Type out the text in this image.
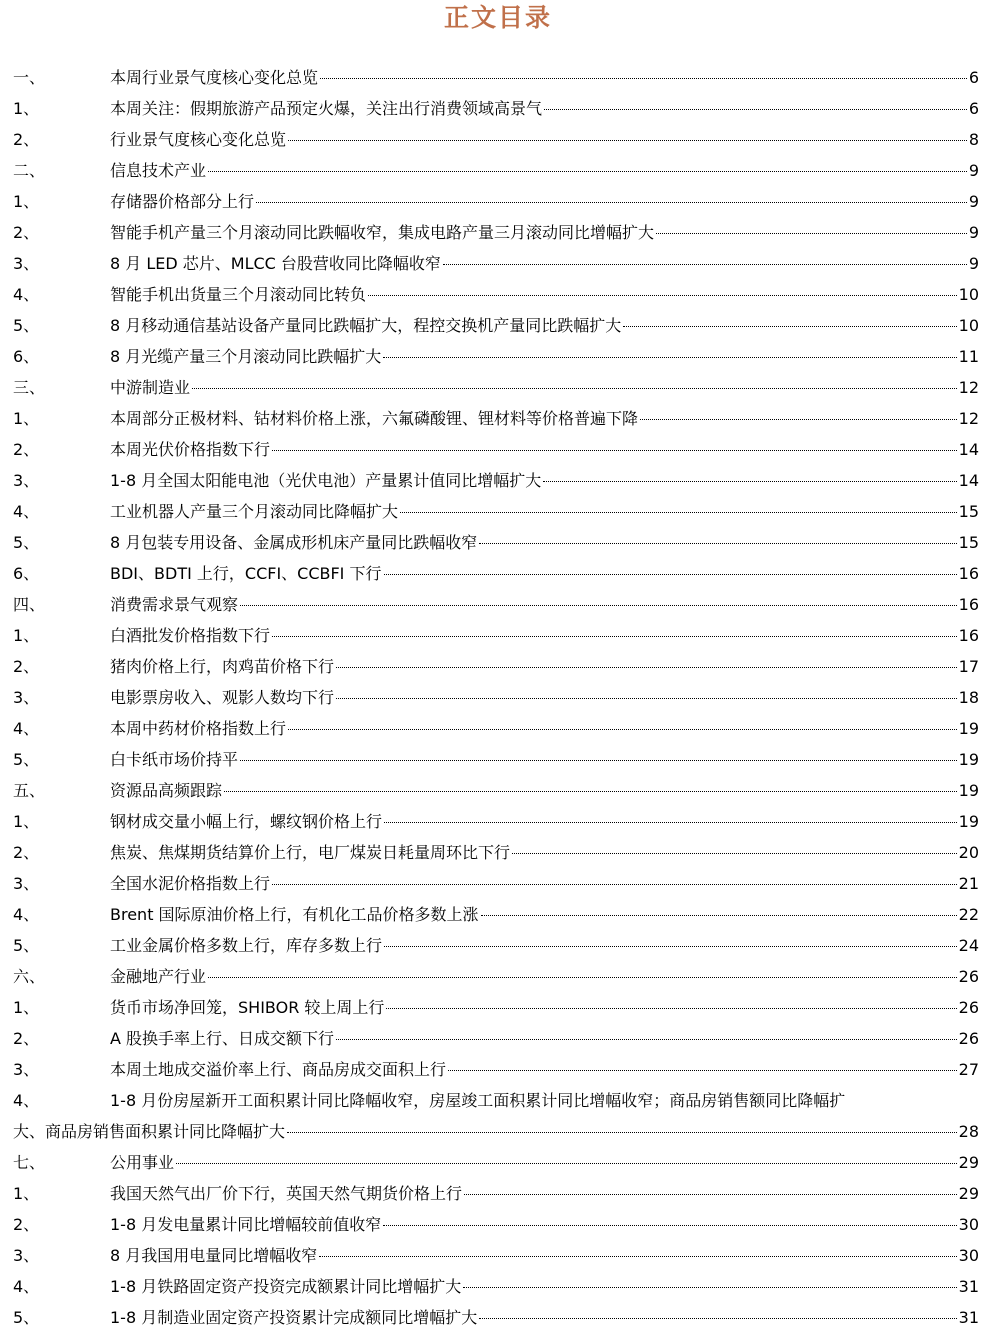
正文目录
一、	本周行业景气度核心变化总览	6
1、	本周关注：假期旅游产品预定火爆，关注出行消费领域高景气	6
2、	行业景气度核心变化总览	8
二、	信息技术产业	9
1、	存储器价格部分上行	9
2、	智能手机产量三个月滚动同比跌幅收窄，集成电路产量三月滚动同比增幅扩大	9
3、	8 月 LED 芯片、MLCC 台股营收同比降幅收窄	9
4、	智能手机出货量三个月滚动同比转负	10
5、	8 月移动通信基站设备产量同比跌幅扩大，程控交换机产量同比跌幅扩大	10
6、	8 月光缆产量三个月滚动同比跌幅扩大	11
三、	中游制造业	12
1、	本周部分正极材料、钴材料价格上涨，六氟磷酸锂、锂材料等价格普遍下降	12
2、	本周光伏价格指数下行	14
3、	1-8 月全国太阳能电池（光伏电池）产量累计值同比增幅扩大	14
4、	工业机器人产量三个月滚动同比降幅扩大	15
5、	8 月包装专用设备、金属成形机床产量同比跌幅收窄	15
6、	BDI、BDTI 上行，CCFI、CCBFI 下行	16
四、	消费需求景气观察	16
1、	白酒批发价格指数下行	16
2、	猪肉价格上行，肉鸡苗价格下行	17
3、	电影票房收入、观影人数均下行	18
4、	本周中药材价格指数上行	19
5、	白卡纸市场价持平	19
五、	资源品高频跟踪	19
1、	钢材成交量小幅上行，螺纹钢价格上行	19
2、	焦炭、焦煤期货结算价上行，电厂煤炭日耗量周环比下行	20
3、	全国水泥价格指数上行	21
4、	Brent 国际原油价格上行，有机化工品价格多数上涨	22
5、	工业金属价格多数上行，库存多数上行	24
六、	金融地产行业	26
1、	货币市场净回笼，SHIBOR 较上周上行	26
2、	A 股换手率上行、日成交额下行	26
3、	本周土地成交溢价率上行、商品房成交面积上行	27
4、	1-8 月份房屋新开工面积累计同比降幅收窄，房屋竣工面积累计同比增幅收窄；商品房销售额同比降幅扩
大、商品房销售面积累计同比降幅扩大	28
七、	公用事业	29
1、	我国天然气出厂价下行，英国天然气期货价格上行	29
2、	1-8 月发电量累计同比增幅较前值收窄	30
3、	8 月我国用电量同比增幅收窄	30
4、	1-8 月铁路固定资产投资完成额累计同比增幅扩大	31
5、	1-8 月制造业固定资产投资累计完成额同比增幅扩大	31
